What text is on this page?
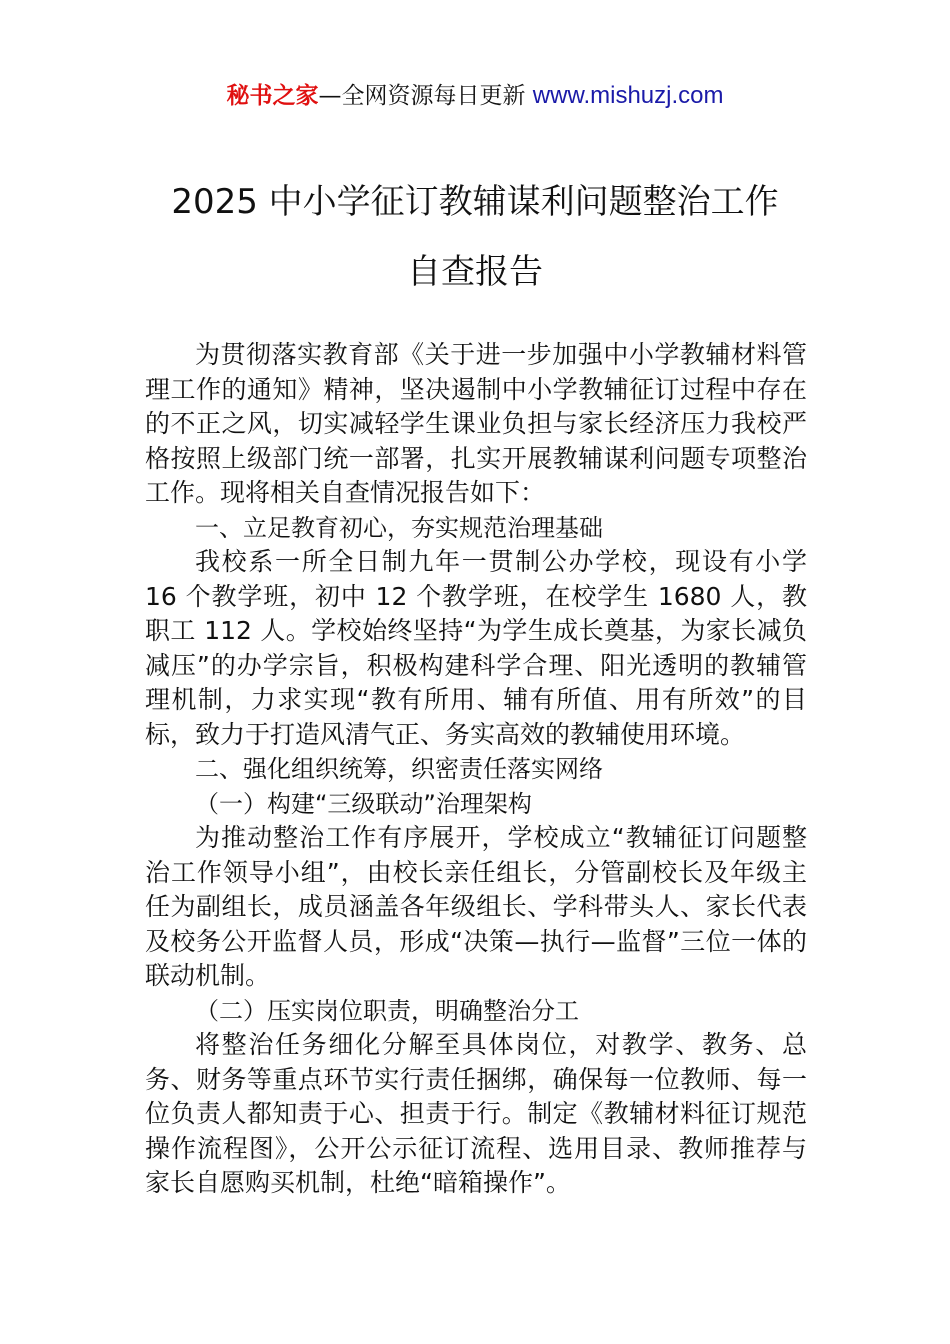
秘书之家—全网资源每日更新 www.mishuzj.com
2025 中小学征订教辅谋利问题整治工作
自查报告

为贯彻落实教育部《关于进一步加强中小学教辅材料管理工作的通知》精神，坚决遏制中小学教辅征订过程中存在的不正之风，切实减轻学生课业负担与家长经济压力我校严格按照上级部门统一部署，扎实开展教辅谋利问题专项整治工作。现将相关自查情况报告如下：

一、立足教育初心，夯实规范治理基础

我校系一所全日制九年一贯制公办学校，现设有小学 16 个教学班，初中 12 个教学班，在校学生 1680 人，教职工 112 人。学校始终坚持“为学生成长奠基，为家长减负减压”的办学宗旨，积极构建科学合理、阳光透明的教辅管理机制，力求实现“教有所用、辅有所值、用有所效”的目标，致力于打造风清气正、务实高效的教辅使用环境。

二、强化组织统筹，织密责任落实网络

（一）构建“三级联动”治理架构

为推动整治工作有序展开，学校成立“教辅征订问题整治工作领导小组”，由校长亲任组长，分管副校长及年级主任为副组长，成员涵盖各年级组长、学科带头人、家长代表及校务公开监督人员，形成“决策—执行—监督”三位一体的联动机制。

（二）压实岗位职责，明确整治分工

将整治任务细化分解至具体岗位，对教学、教务、总务、财务等重点环节实行责任捆绑，确保每一位教师、每一位负责人都知责于心、担责于行。制定《教辅材料征订规范操作流程图》，公开公示征订流程、选用目录、教师推荐与家长自愿购买机制，杜绝“暗箱操作”。
